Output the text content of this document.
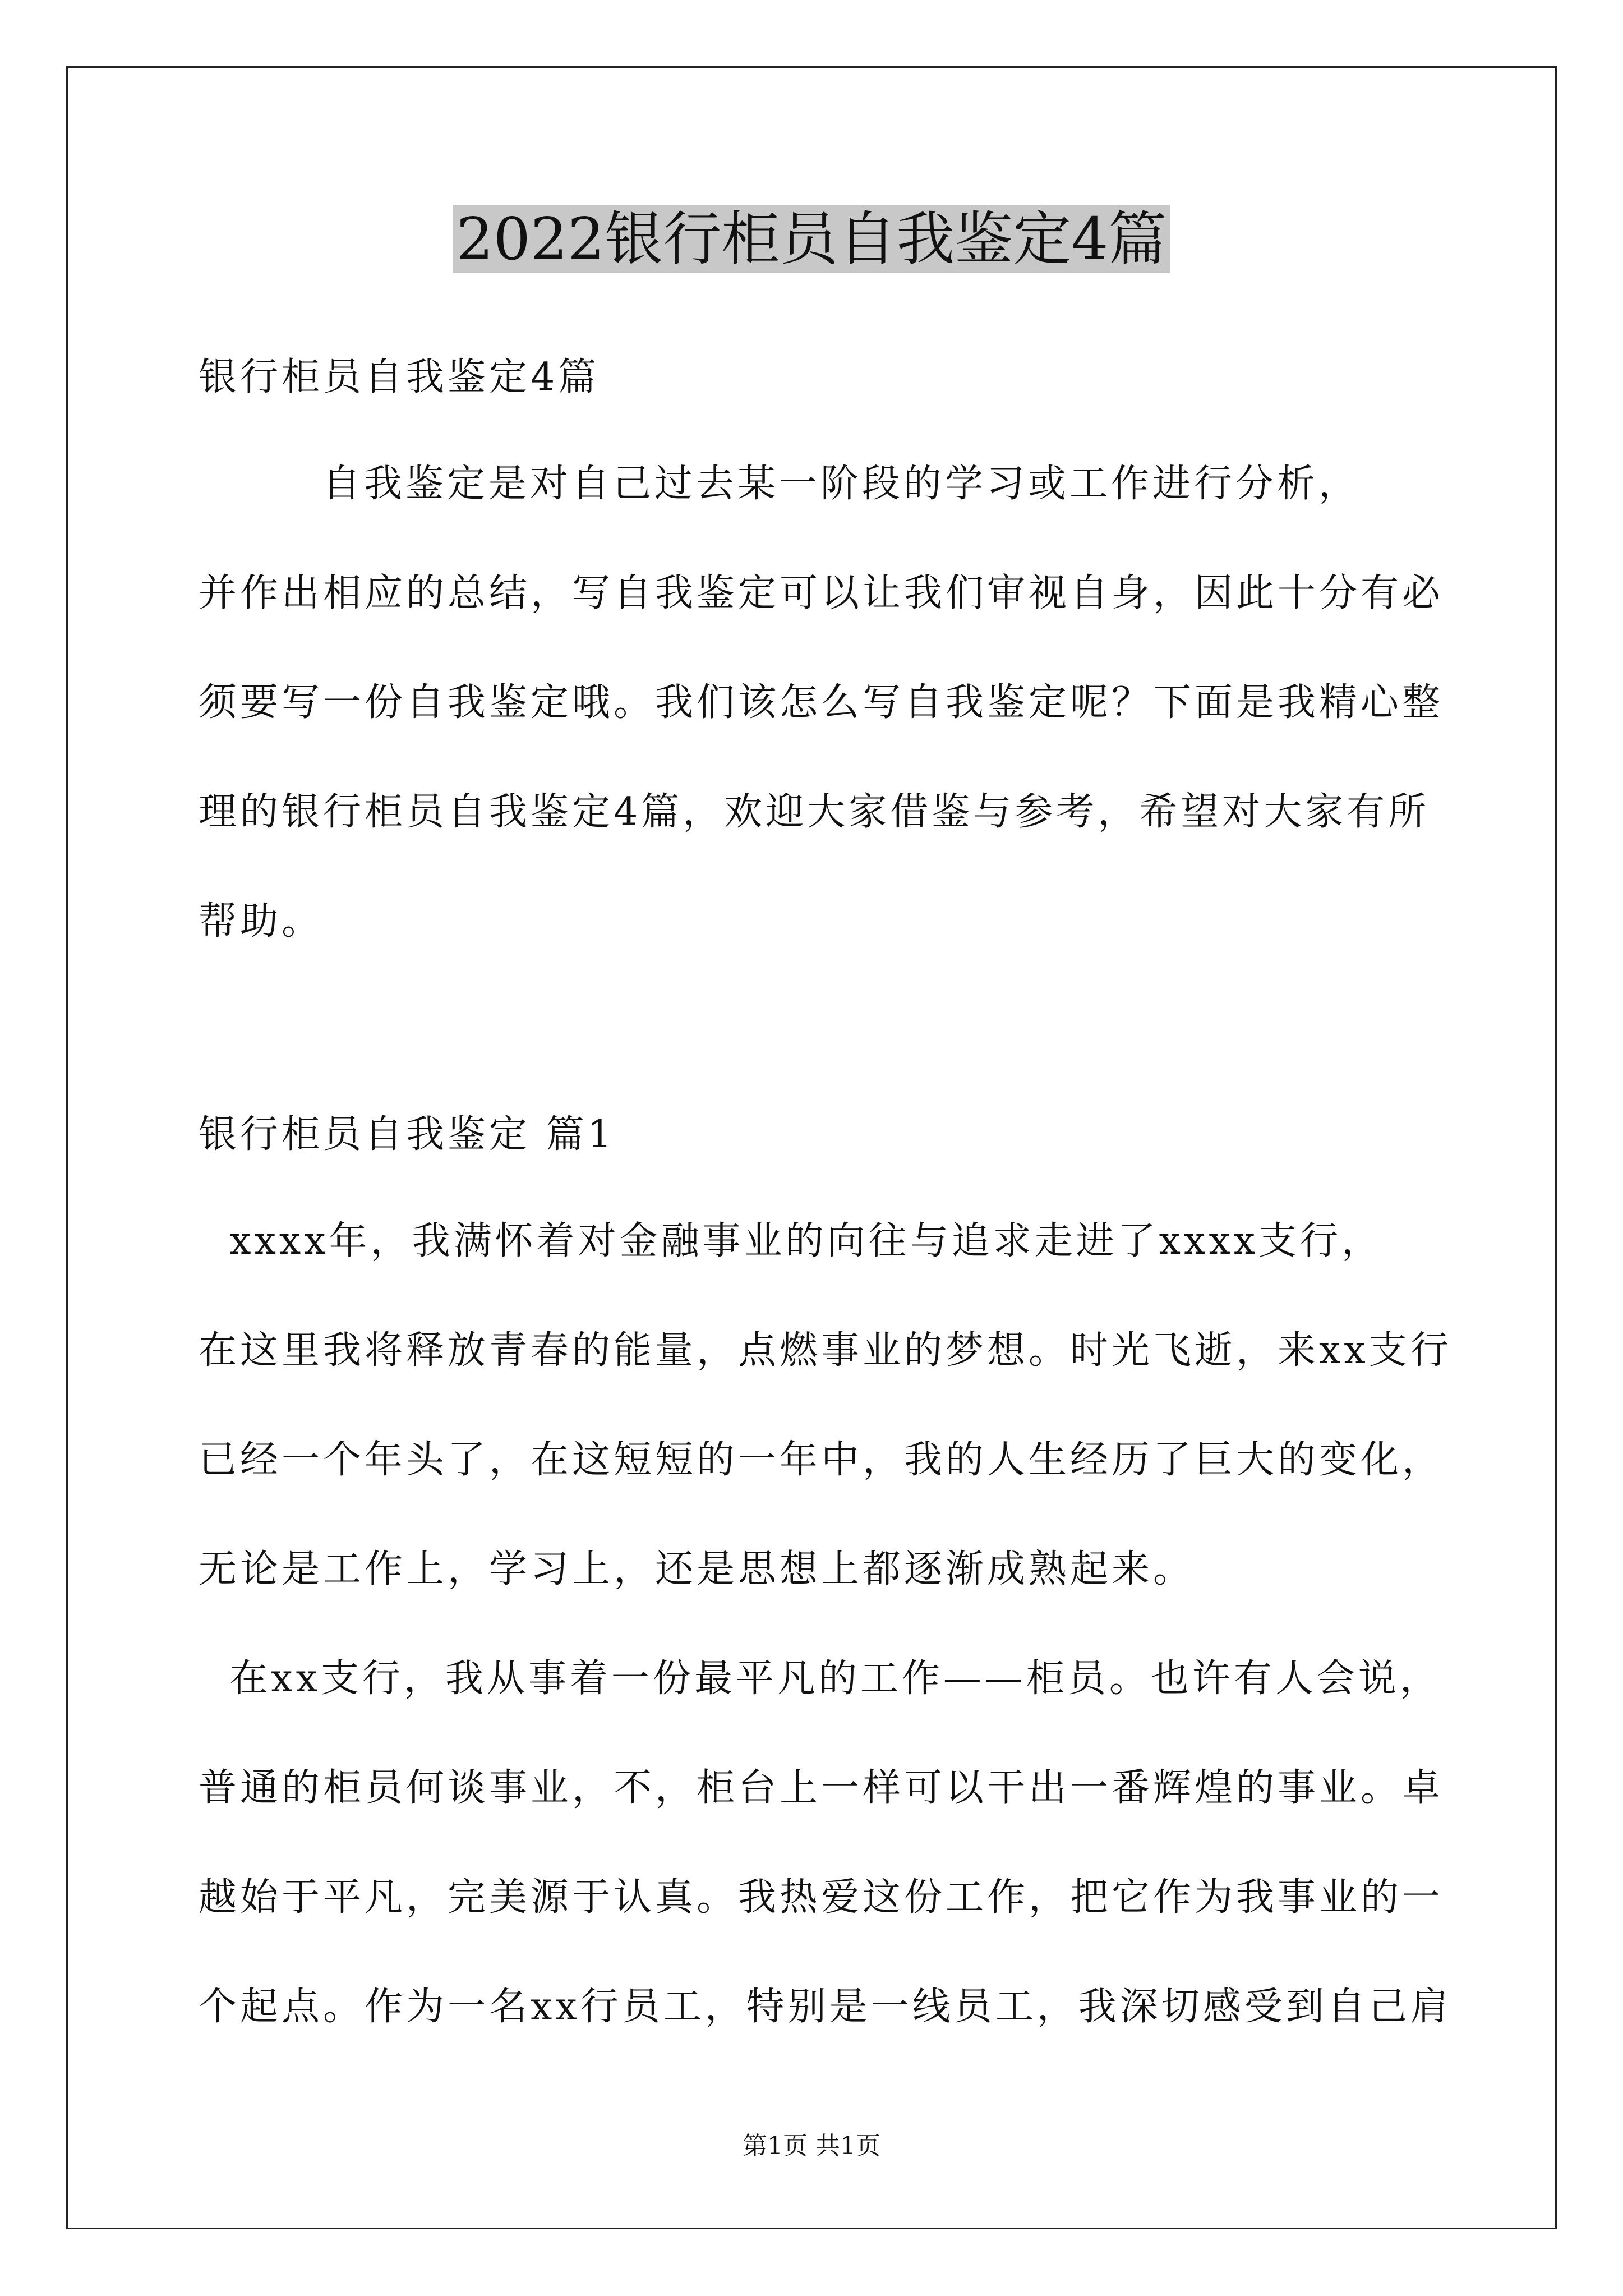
2022银行柜员自我鉴定4篇
银行柜员自我鉴定4篇
自我鉴定是对自己过去某一阶段的学习或工作进行分析，
并作出相应的总结，写自我鉴定可以让我们审视自身，因此十分有必
须要写一份自我鉴定哦。我们该怎么写自我鉴定呢？下面是我精心整
理的银行柜员自我鉴定4篇，欢迎大家借鉴与参考，希望对大家有所
帮助。
银行柜员自我鉴定 篇1
xxxx年，我满怀着对金融事业的向往与追求走进了xxxx支行，
在这里我将释放青春的能量，点燃事业的梦想。时光飞逝，来xx支行
已经一个年头了，在这短短的一年中，我的人生经历了巨大的变化，
无论是工作上，学习上，还是思想上都逐渐成熟起来。
在xx支行，我从事着一份最平凡的工作——柜员。也许有人会说，
普通的柜员何谈事业，不，柜台上一样可以干出一番辉煌的事业。卓
越始于平凡，完美源于认真。我热爱这份工作，把它作为我事业的一
个起点。作为一名xx行员工，特别是一线员工，我深切感受到自己肩
第1页 共1页
